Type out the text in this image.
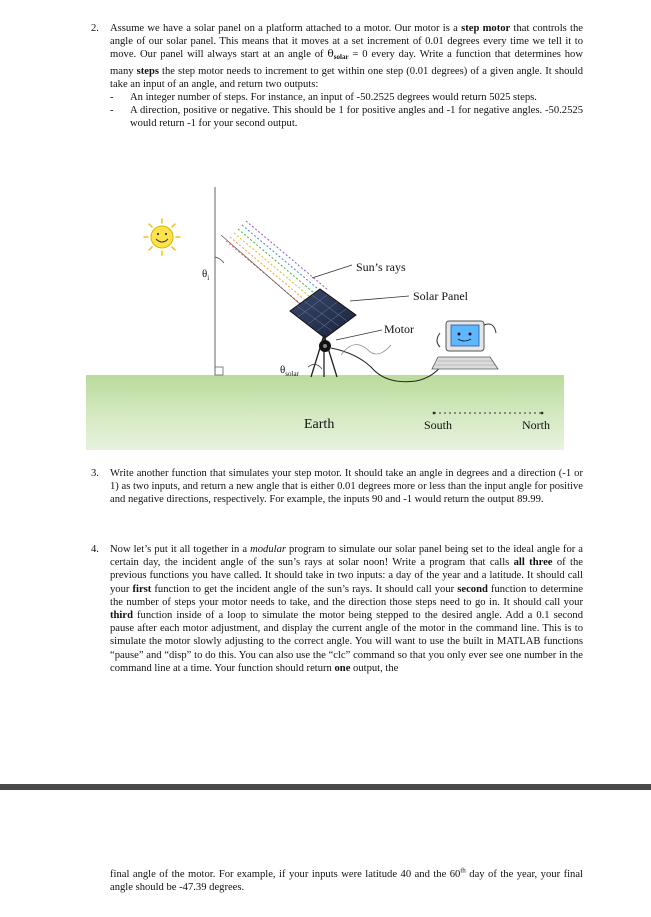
2. Assume we have a solar panel on a platform attached to a motor. Our motor is a step motor that controls the angle of our solar panel. This means that it moves at a set increment of 0.01 degrees every time we tell it to move. Our panel will always start at an angle of θsolar = 0 every day. Write a function that determines how many steps the step motor needs to increment to get within one step (0.01 degrees) of a given angle. It should take an input of an angle, and return two outputs:
- An integer number of steps. For instance, an input of -50.2525 degrees would return 5025 steps.
- A direction, positive or negative. This should be 1 for positive angles and -1 for negative angles. -50.2525 would return -1 for your second output.
Sun’s rays
Solar Panel
Motor
$\theta_i$
$\theta_{solar}$
Earth	South	North
3. Write another function that simulates your step motor. It should take an angle in degrees and a direction (-1 or 1) as two inputs, and return a new angle that is either 0.01 degrees more or less than the input angle for positive and negative directions, respectively. For example, the inputs 90 and -1 would return the output 89.99.
4. Now let’s put it all together in a modular program to simulate our solar panel being set to the ideal angle for a certain day, the incident angle of the sun’s rays at solar noon! Write a program that calls all three of the previous functions you have called. It should take in two inputs: a day of the year and a latitude. It should call your first function to get the incident angle of the sun’s rays. It should call your second function to determine the number of steps your motor needs to take, and the direction those steps need to go in. It should call your third function inside of a loop to simulate the motor being stepped to the desired angle. Add a 0.1 second pause after each motor adjustment, and display the current angle of the motor in the command line. This is to simulate the motor slowly adjusting to the correct angle. You will want to use the built in MATLAB functions “pause” and “disp” to do this. You can also use the “clc” command so that you only ever see one number in the command line at a time. Your function should return one output, the
final angle of the motor. For example, if your inputs were latitude 40 and the 60th day of the year, your final angle should be -47.39 degrees.
